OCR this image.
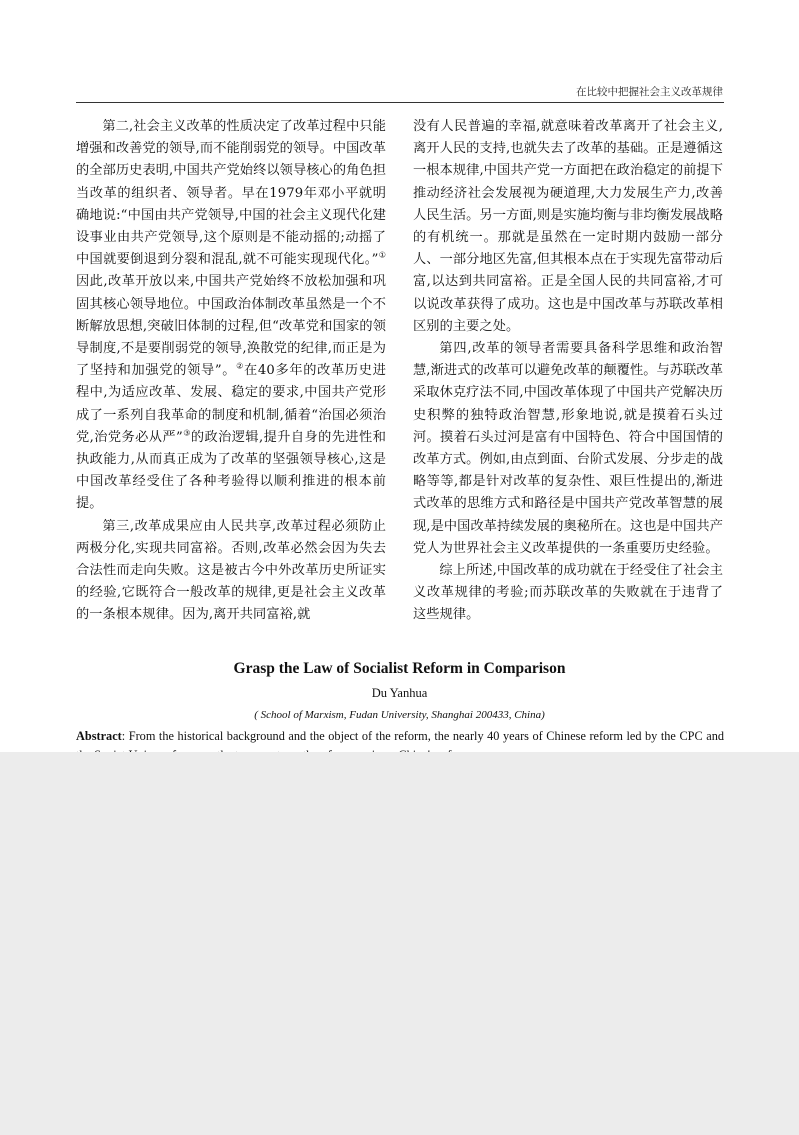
在比较中把握社会主义改革规律

第二,社会主义改革的性质决定了改革过程中只能增强和改善党的领导,而不能削弱党的领导。中国改革的全部历史表明,中国共产党始终以领导核心的角色担当改革的组织者、领导者。早在1979年邓小平就明确地说:“中国由共产党领导,中国的社会主义现代化建设事业由共产党领导,这个原则是不能动摇的;动摇了中国就要倒退到分裂和混乱,就不可能实现现代化。”①因此,改革开放以来,中国共产党始终不放松加强和巩固其核心领导地位。中国政治体制改革虽然是一个不断解放思想,突破旧体制的过程,但“改革党和国家的领导制度,不是要削弱党的领导,涣散党的纪律,而正是为了坚持和加强党的领导”。②在40多年的改革历史进程中,为适应改革、发展、稳定的要求,中国共产党形成了一系列自我革命的制度和机制,循着“治国必须治党,治党务必从严”③的政治逻辑,提升自身的先进性和执政能力,从而真正成为了改革的坚强领导核心,这是中国改革经受住了各种考验得以顺利推进的根本前提。

第三,改革成果应由人民共享,改革过程必须防止两极分化,实现共同富裕。否则,改革必然会因为失去合法性而走向失败。这是被古今中外改革历史所证实的经验,它既符合一般改革的规律,更是社会主义改革的一条根本规律。因为,离开共同富裕,就

没有人民普遍的幸福,就意味着改革离开了社会主义,离开人民的支持,也就失去了改革的基础。正是遵循这一根本规律,中国共产党一方面把在政治稳定的前提下推动经济社会发展视为硬道理,大力发展生产力,改善人民生活。另一方面,则是实施均衡与非均衡发展战略的有机统一。那就是虽然在一定时期内鼓励一部分人、一部分地区先富,但其根本点在于实现先富带动后富,以达到共同富裕。正是全国人民的共同富裕,才可以说改革获得了成功。这也是中国改革与苏联改革相区别的主要之处。

第四,改革的领导者需要具备科学思维和政治智慧,渐进式的改革可以避免改革的颠覆性。与苏联改革采取休克疗法不同,中国改革体现了中国共产党解决历史积弊的独特政治智慧,形象地说,就是摸着石头过河。摸着石头过河是富有中国特色、符合中国国情的改革方式。例如,由点到面、台阶式发展、分步走的战略等等,都是针对改革的复杂性、艰巨性提出的,渐进式改革的思维方式和路径是中国共产党改革智慧的展现,是中国改革持续发展的奥秘所在。这也是中国共产党人为世界社会主义改革提供的一条重要历史经验。

综上所述,中国改革的成功就在于经受住了社会主义改革规律的考验;而苏联改革的失败就在于违背了这些规律。

Grasp the Law of Socialist Reform in Comparison
Du Yanhua
( School of Marxism, Fudan University, Shanghai 200433, China)
Abstract: From the historical background and the object of the reform, the nearly 40 years of Chinese reform led by the CPC and
